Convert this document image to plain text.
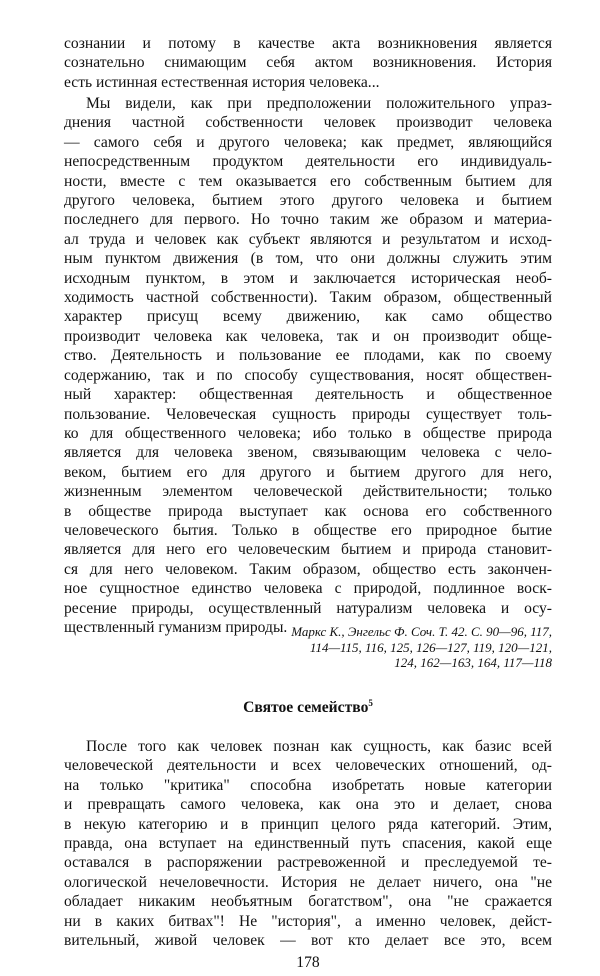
сознании и потому в качестве акта возникновения является
сознательно снимающим себя актом возникновения. История
есть истинная естественная история человека...
Мы видели, как при предположении положительного упраз-
днения частной собственности человек производит человека
— самого себя и другого человека; как предмет, являющийся
непосредственным продуктом деятельности его индивидуаль-
ности, вместе с тем оказывается его собственным бытием для
другого человека, бытием этого другого человека и бытием
последнего для первого. Но точно таким же образом и материа-
ал труда и человек как субъект являются и результатом и исход-
ным пунктом движения (в том, что они должны служить этим
исходным пунктом, в этом и заключается историческая необ-
ходимость частной собственности). Таким образом, общественный
характер присущ всему движению, как само общество
производит человека как человека, так и он производит обще-
ство. Деятельность и пользование ее плодами, как по своему
содержанию, так и по способу существования, носят обществен-
ный характер: общественная деятельность и общественное
пользование. Человеческая сущность природы существует толь-
ко для общественного человека; ибо только в обществе природа
является для человека звеном, связывающим человека с чело-
веком, бытием его для другого и бытием другого для него,
жизненным элементом человеческой действительности; только
в обществе природа выступает как основа его собственного
человеческого бытия. Только в обществе его природное бытие
является для него его человеческим бытием и природа становит-
ся для него человеком. Таким образом, общество есть закончен-
ное сущностное единство человека с природой, подлинное воск-
ресение природы, осуществленный натурализм человека и осу-
ществленный гуманизм природы. Маркс К., Энгельс Ф. Соч. Т. 42. С. 90—96, 117,
114—115, 116, 125, 126—127, 119, 120—121,
124, 162—163, 164, 117—118
Святое семейство$^5$
После того как человек познан как сущность, как базис всей
человеческой деятельности и всех человеческих отношений, од-
на только "критика" способна изобретать новые категории
и превращать самого человека, как она это и делает, снова
в некую категорию и в принцип целого ряда категорий. Этим,
правда, она вступает на единственный путь спасения, какой еще
оставался в распоряжении растревоженной и преследуемой те-
ологической нечеловечности. История не делает ничего, она "не
обладает никаким необъятным богатством", она "не сражается
ни в каких битвах"! Не "история", а именно человек, дейст-
вительный, живой человек — вот кто делает все это, всем
178
